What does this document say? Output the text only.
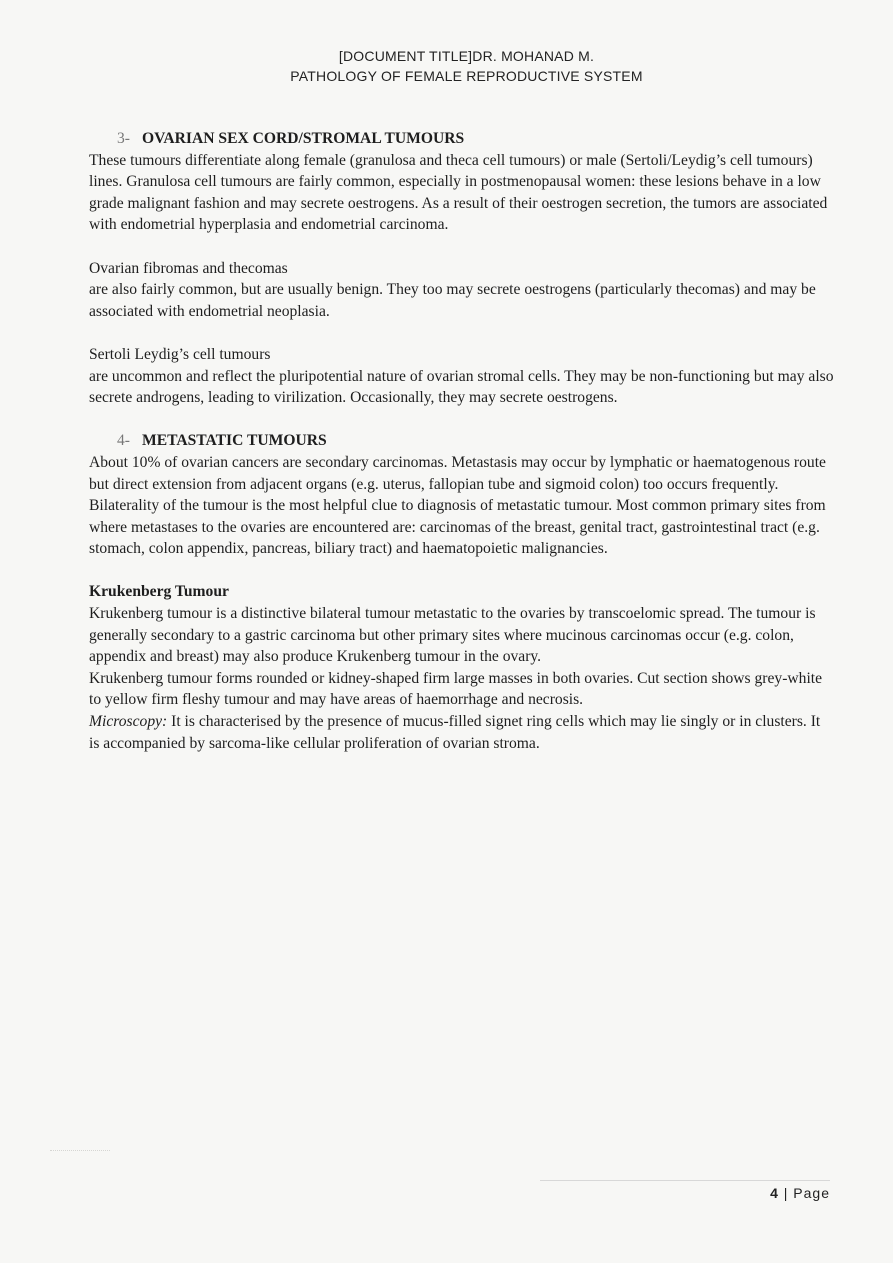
[DOCUMENT TITLE]DR. MOHANAD M.
PATHOLOGY OF FEMALE REPRODUCTIVE SYSTEM
3- OVARIAN SEX CORD/STROMAL TUMOURS

These tumours differentiate along female (granulosa and theca cell tumours) or male (Sertoli/Leydig’s cell tumours) lines. Granulosa cell tumours are fairly common, especially in postmenopausal women: these lesions behave in a low grade malignant fashion and may secrete oestrogens. As a result of their oestrogen secretion, the tumors are associated with endometrial hyperplasia and endometrial carcinoma.

Ovarian fibromas and thecomas

are also fairly common, but are usually benign. They too may secrete oestrogens (particularly thecomas) and may be associated with endometrial neoplasia.

Sertoli Leydig’s cell tumours

are uncommon and reflect the pluripotential nature of ovarian stromal cells. They may be non-functioning but may also secrete androgens, leading to virilization. Occasionally, they may secrete oestrogens.

4- METASTATIC TUMOURS

About 10% of ovarian cancers are secondary carcinomas. Metastasis may occur by lymphatic or haematogenous route but direct extension from adjacent organs (e.g. uterus, fallopian tube and sigmoid colon) too occurs frequently. Bilaterality of the tumour is the most helpful clue to diagnosis of metastatic tumour. Most common primary sites from where metastases to the ovaries are encountered are: carcinomas of the breast, genital tract, gastrointestinal tract (e.g. stomach, colon appendix, pancreas, biliary tract) and haematopoietic malignancies.

Krukenberg Tumour

Krukenberg tumour is a distinctive bilateral tumour metastatic to the ovaries by transcoelomic spread. The tumour is generally secondary to a gastric carcinoma but other primary sites where mucinous carcinomas occur (e.g. colon, appendix and breast) may also produce Krukenberg tumour in the ovary.

Krukenberg tumour forms rounded or kidney-shaped firm large masses in both ovaries. Cut section shows grey-white to yellow firm fleshy tumour and may have areas of haemorrhage and necrosis.

Microscopy: It is characterised by the presence of mucus-filled signet ring cells which may lie singly or in clusters. It is accompanied by sarcoma-like cellular proliferation of ovarian stroma.

4 | Page
